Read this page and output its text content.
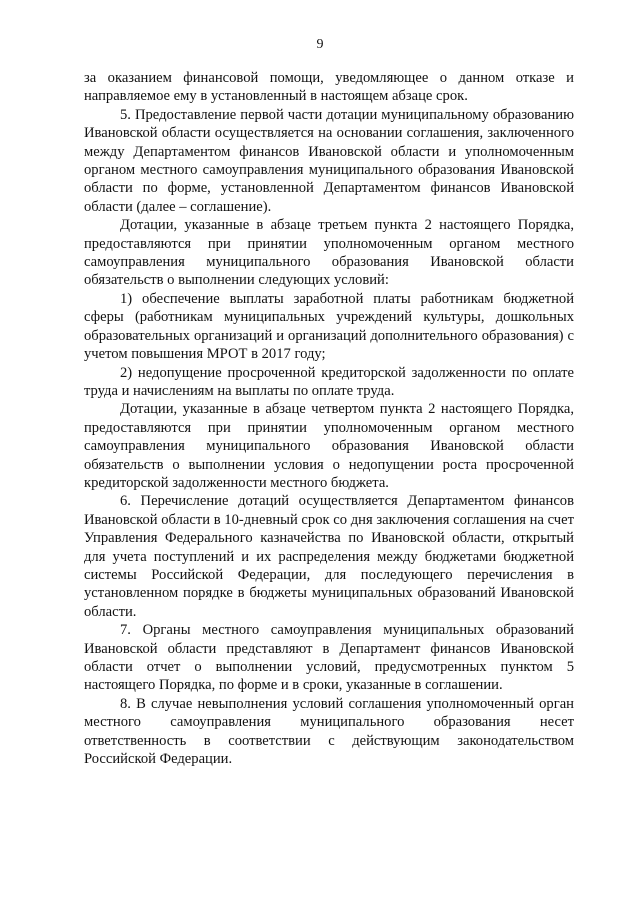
9

за оказанием финансовой помощи, уведомляющее о данном отказе и направляемое ему в установленный в настоящем абзаце срок.

5. Предоставление первой части дотации муниципальному образованию Ивановской области осуществляется на основании соглашения, заключенного между Департаментом финансов Ивановской области и уполномоченным органом местного самоуправления муниципального образования Ивановской области по форме, установленной Департаментом финансов Ивановской области (далее – соглашение).

Дотации, указанные в абзаце третьем пункта 2 настоящего Порядка, предоставляются при принятии уполномоченным органом местного самоуправления муниципального образования Ивановской области обязательств о выполнении следующих условий:

1) обеспечение выплаты заработной платы работникам бюджетной сферы (работникам муниципальных учреждений культуры, дошкольных образовательных организаций и организаций дополнительного образования) с учетом повышения МРОТ в 2017 году;

2) недопущение просроченной кредиторской задолженности по оплате труда и начислениям на выплаты по оплате труда.

Дотации, указанные в абзаце четвертом пункта 2 настоящего Порядка, предоставляются при принятии уполномоченным органом местного самоуправления муниципального образования Ивановской области обязательств о выполнении условия о недопущении роста просроченной кредиторской задолженности местного бюджета.

6. Перечисление дотаций осуществляется Департаментом финансов Ивановской области в 10-дневный срок со дня заключения соглашения на счет Управления Федерального казначейства по Ивановской области, открытый для учета поступлений и их распределения между бюджетами бюджетной системы Российской Федерации, для последующего перечисления в установленном порядке в бюджеты муниципальных образований Ивановской области.

7. Органы местного самоуправления муниципальных образований Ивановской области представляют в Департамент финансов Ивановской области отчет о выполнении условий, предусмотренных пунктом 5 настоящего Порядка, по форме и в сроки, указанные в соглашении.

8. В случае невыполнения условий соглашения уполномоченный орган местного самоуправления муниципального образования несет ответственность в соответствии с действующим законодательством Российской Федерации.
